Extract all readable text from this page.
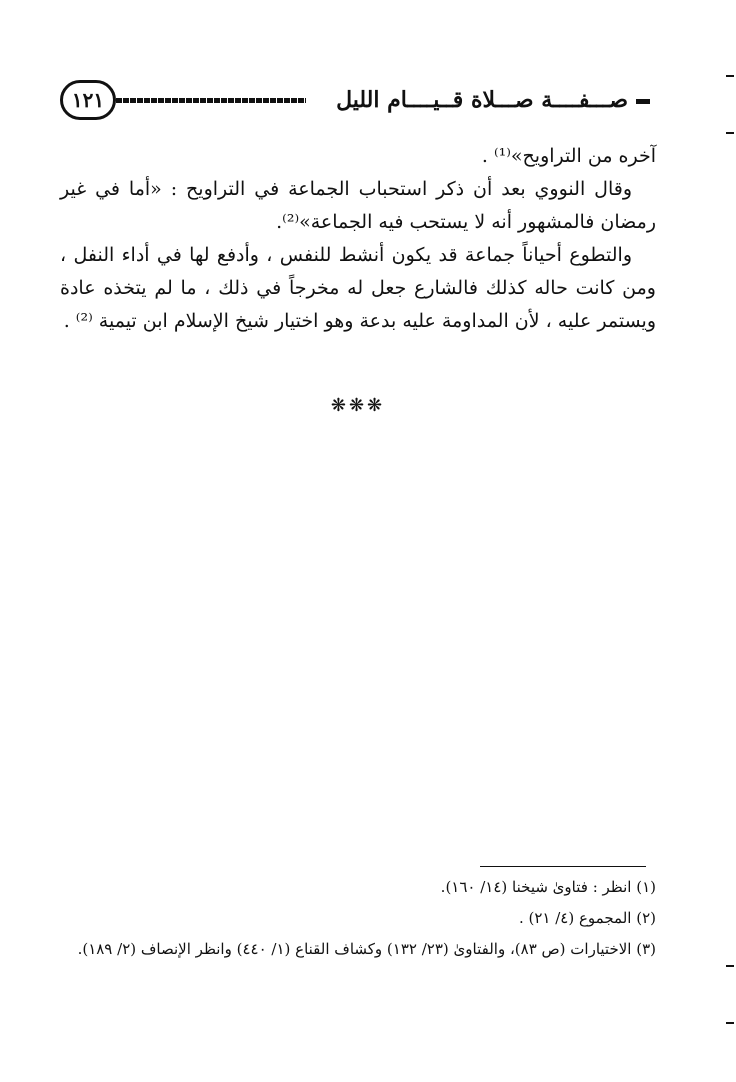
١٢١	صـــفــــة صـــلاة قــيــــام الليل

آخره من التراويح»⁽¹⁾ .

وقال النووي بعد أن ذكر استحباب الجماعة في التراويح : «أما في غير رمضان فالمشهور أنه لا يستحب فيه الجماعة»⁽²⁾.

والتطوع أحياناً جماعة قد يكون أنشط للنفس ، وأدفع لها في أداء النفل ، ومن كانت حاله كذلك فالشارع جعل له مخرجاً في ذلك ، ما لم يتخذه عادة ويستمر عليه ، لأن المداومة عليه بدعة وهو اختيار شيخ الإسلام ابن تيمية ⁽²⁾ .

❋❋❋

(١) انظر : فتاوىٰ شيخنا (١٤/ ١٦٠).

(٢) المجموع (٤/ ٢١) .

(٣) الاختيارات (ص ٨٣)، والفتاوىٰ (٢٣/ ١٣٢) وكشاف القناع (١/ ٤٤٠) وانظر الإنصاف (٢/ ١٨٩).
